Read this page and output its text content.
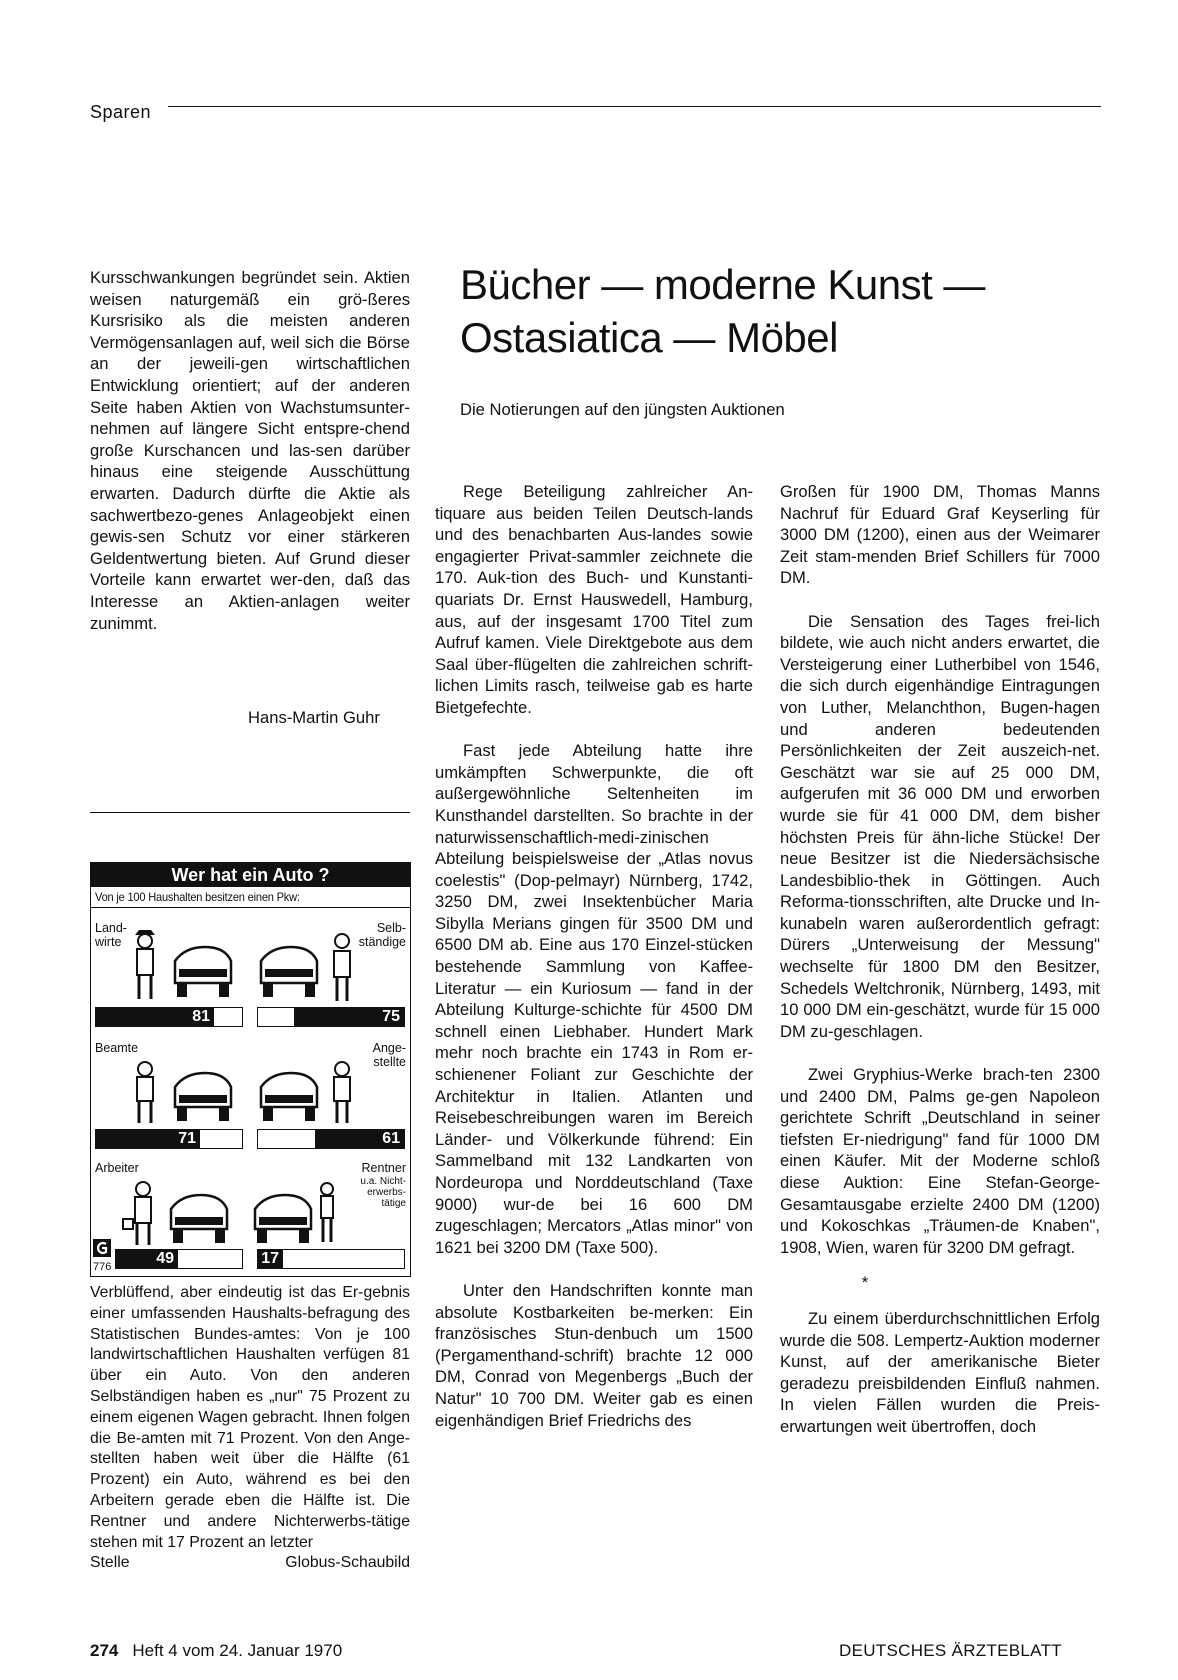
Sparen

Kursschwankungen begründet sein. Aktien weisen naturgemäß ein grö-ßeres Kursrisiko als die meisten anderen Vermögensanlagen auf, weil sich die Börse an der jeweili-gen wirtschaftlichen Entwicklung orientiert; auf der anderen Seite haben Aktien von Wachstumsunter-nehmen auf längere Sicht entspre-chend große Kurschancen und las-sen darüber hinaus eine steigende Ausschüttung erwarten. Dadurch dürfte die Aktie als sachwertbezo-genes Anlageobjekt einen gewis-sen Schutz vor einer stärkeren Geldentwertung bieten. Auf Grund dieser Vorteile kann erwartet wer-den, daß das Interesse an Aktien-anlagen weiter zunimmt.

Hans-Martin Guhr
Wer hat ein Auto ?
Von je 100 Haushalten besitzen einen Pkw:
Land-
wirte
Selb-
ständige
81	75
Beamte	Ange-
stellte
71	61
Arbeiter	Rentner
u.a. Nicht-
erwerbs-
tätige
776	49	17

Verblüffend, aber eindeutig ist das Er-gebnis einer umfassenden Haushalts-befragung des Statistischen Bundes-amtes: Von je 100 landwirtschaftlichen Haushalten verfügen 81 über ein Auto. Von den anderen Selbständigen haben es „nur" 75 Prozent zu einem eigenen Wagen gebracht. Ihnen folgen die Be-amten mit 71 Prozent. Von den Ange-stellten haben weit über die Hälfte (61 Prozent) ein Auto, während es bei den Arbeitern gerade eben die Hälfte ist. Die Rentner und andere Nichterwerbs-tätige stehen mit 17 Prozent an letzter

Stelle	Globus-Schaubild
Bücher — moderne Kunst —
Ostasiatica — Möbel
Die Notierungen auf den jüngsten Auktionen

Rege Beteiligung zahlreicher An-tiquare aus beiden Teilen Deutsch-lands und des benachbarten Aus-landes sowie engagierter Privat-sammler zeichnete die 170. Auk-tion des Buch- und Kunstanti-quariats Dr. Ernst Hauswedell, Hamburg, aus, auf der insgesamt 1700 Titel zum Aufruf kamen. Viele Direktgebote aus dem Saal über-flügelten die zahlreichen schrift-lichen Limits rasch, teilweise gab es harte Bietgefechte.

Fast jede Abteilung hatte ihre umkämpften Schwerpunkte, die oft außergewöhnliche Seltenheiten im Kunsthandel darstellten. So brachte in der naturwissenschaftlich-medi-zinischen Abteilung beispielsweise der „Atlas novus coelestis" (Dop-pelmayr) Nürnberg, 1742, 3250 DM, zwei Insektenbücher Maria Sibylla Merians gingen für 3500 DM und 6500 DM ab. Eine aus 170 Einzel-stücken bestehende Sammlung von Kaffee-Literatur — ein Kuriosum — fand in der Abteilung Kulturge-schichte für 4500 DM schnell einen Liebhaber. Hundert Mark mehr noch brachte ein 1743 in Rom er-schienener Foliant zur Geschichte der Architektur in Italien. Atlanten und Reisebeschreibungen waren im Bereich Länder- und Völkerkunde führend: Ein Sammelband mit 132 Landkarten von Nordeuropa und Norddeutschland (Taxe 9000) wur-de bei 16 600 DM zugeschlagen; Mercators „Atlas minor" von 1621 bei 3200 DM (Taxe 500).

Unter den Handschriften konnte man absolute Kostbarkeiten be-merken: Ein französisches Stun-denbuch um 1500 (Pergamenthand-schrift) brachte 12 000 DM, Conrad von Megenbergs „Buch der Natur" 10 700 DM. Weiter gab es einen eigenhändigen Brief Friedrichs des

Großen für 1900 DM, Thomas Manns Nachruf für Eduard Graf Keyserling für 3000 DM (1200), einen aus der Weimarer Zeit stam-menden Brief Schillers für 7000 DM.

Die Sensation des Tages frei-lich bildete, wie auch nicht anders erwartet, die Versteigerung einer Lutherbibel von 1546, die sich durch eigenhändige Eintragungen von Luther, Melanchthon, Bugen-hagen und anderen bedeutenden Persönlichkeiten der Zeit auszeich-net. Geschätzt war sie auf 25 000 DM, aufgerufen mit 36 000 DM und erworben wurde sie für 41 000 DM, dem bisher höchsten Preis für ähn-liche Stücke! Der neue Besitzer ist die Niedersächsische Landesbiblio-thek in Göttingen. Auch Reforma-tionsschriften, alte Drucke und In-kunabeln waren außerordentlich gefragt: Dürers „Unterweisung der Messung" wechselte für 1800 DM den Besitzer, Schedels Weltchronik, Nürnberg, 1493, mit 10 000 DM ein-geschätzt, wurde für 15 000 DM zu-geschlagen.

Zwei Gryphius-Werke brach-ten 2300 und 2400 DM, Palms ge-gen Napoleon gerichtete Schrift „Deutschland in seiner tiefsten Er-niedrigung" fand für 1000 DM einen Käufer. Mit der Moderne schloß diese Auktion: Eine Stefan-George-Gesamtausgabe erzielte 2400 DM (1200) und Kokoschkas „Träumen-de Knaben", 1908, Wien, waren für 3200 DM gefragt.

*

Zu einem überdurchschnittlichen Erfolg wurde die 508. Lempertz-Auktion moderner Kunst, auf der amerikanische Bieter geradezu preisbildenden Einfluß nahmen. In vielen Fällen wurden die Preis-erwartungen weit übertroffen, doch

274 Heft 4 vom 24. Januar 1970	DEUTSCHES ÄRZTEBLATT
